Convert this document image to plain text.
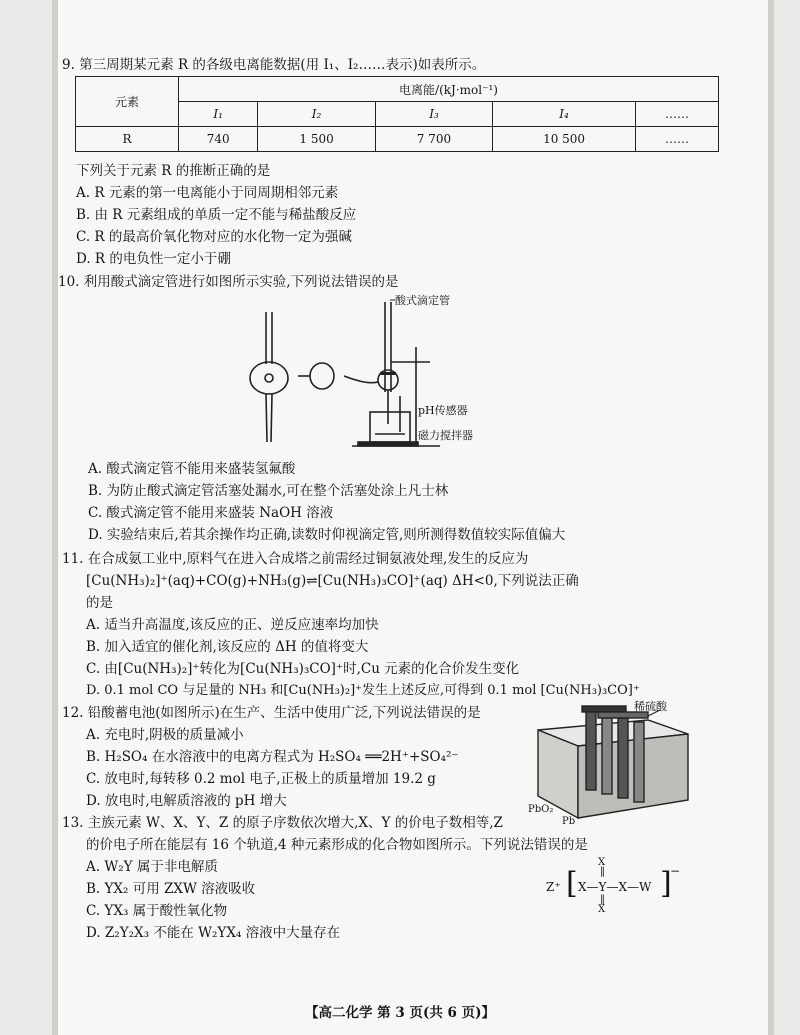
9. 第三周期某元素 R 的各级电离能数据(用 I₁、I₂……表示)如表所示。
元素	电离能/(kJ·mol⁻¹)				
	I₁	I₂	I₃	I₄	……
R	740	1 500	7 700	10 500	……
下列关于元素 R 的推断正确的是
A. R 元素的第一电离能小于同周期相邻元素
B. 由 R 元素组成的单质一定不能与稀盐酸反应
C. R 的最高价氧化物对应的水化物一定为强碱
D. R 的电负性一定小于硼
10. 利用酸式滴定管进行如图所示实验,下列说法错误的是
酸式滴定管
pH传感器
磁力搅拌器
A. 酸式滴定管不能用来盛装氢氟酸
B. 为防止酸式滴定管活塞处漏水,可在整个活塞处涂上凡士林
C. 酸式滴定管不能用来盛装 NaOH 溶液
D. 实验结束后,若其余操作均正确,读数时仰视滴定管,则所测得数值较实际值偏大
11. 在合成氨工业中,原料气在进入合成塔之前需经过铜氨液处理,发生的反应为
[Cu(NH₃)₂]⁺(aq)+CO(g)+NH₃(g)⇌[Cu(NH₃)₃CO]⁺(aq) ΔH<0,下列说法正确
的是
A. 适当升高温度,该反应的正、逆反应速率均加快
B. 加入适宜的催化剂,该反应的 ΔH 的值将变大
C. 由[Cu(NH₃)₂]⁺转化为[Cu(NH₃)₃CO]⁺时,Cu 元素的化合价发生变化
D. 0.1 mol CO 与足量的 NH₃ 和[Cu(NH₃)₂]⁺发生上述反应,可得到 0.1 mol [Cu(NH₃)₃CO]⁺
12. 铅酸蓄电池(如图所示)在生产、生活中使用广泛,下列说法错误的是
A. 充电时,阴极的质量减小
B. H₂SO₄ 在水溶液中的电离方程式为 H₂SO₄ ══2H⁺+SO₄²⁻
C. 放电时,每转移 0.2 mol 电子,正极上的质量增加 19.2 g
D. 放电时,电解质溶液的 pH 增大
稀硫酸
PbO₂
Pb
13. 主族元素 W、X、Y、Z 的原子序数依次增大,X、Y 的价电子数相等,Z
的价电子所在能层有 16 个轨道,4 种元素形成的化合物如图所示。下列说法错误的是
A. W₂Y 属于非电解质
B. YX₂ 可用 ZXW 溶液吸收
C. YX₃ 属于酸性氧化物
D. Z₂Y₂X₃ 不能在 W₂YX₄ 溶液中大量存在
Z⁺ [	]
X
‖
X—Y—X—W
‖
X
−
【高二化学 第 3 页(共 6 页)】
